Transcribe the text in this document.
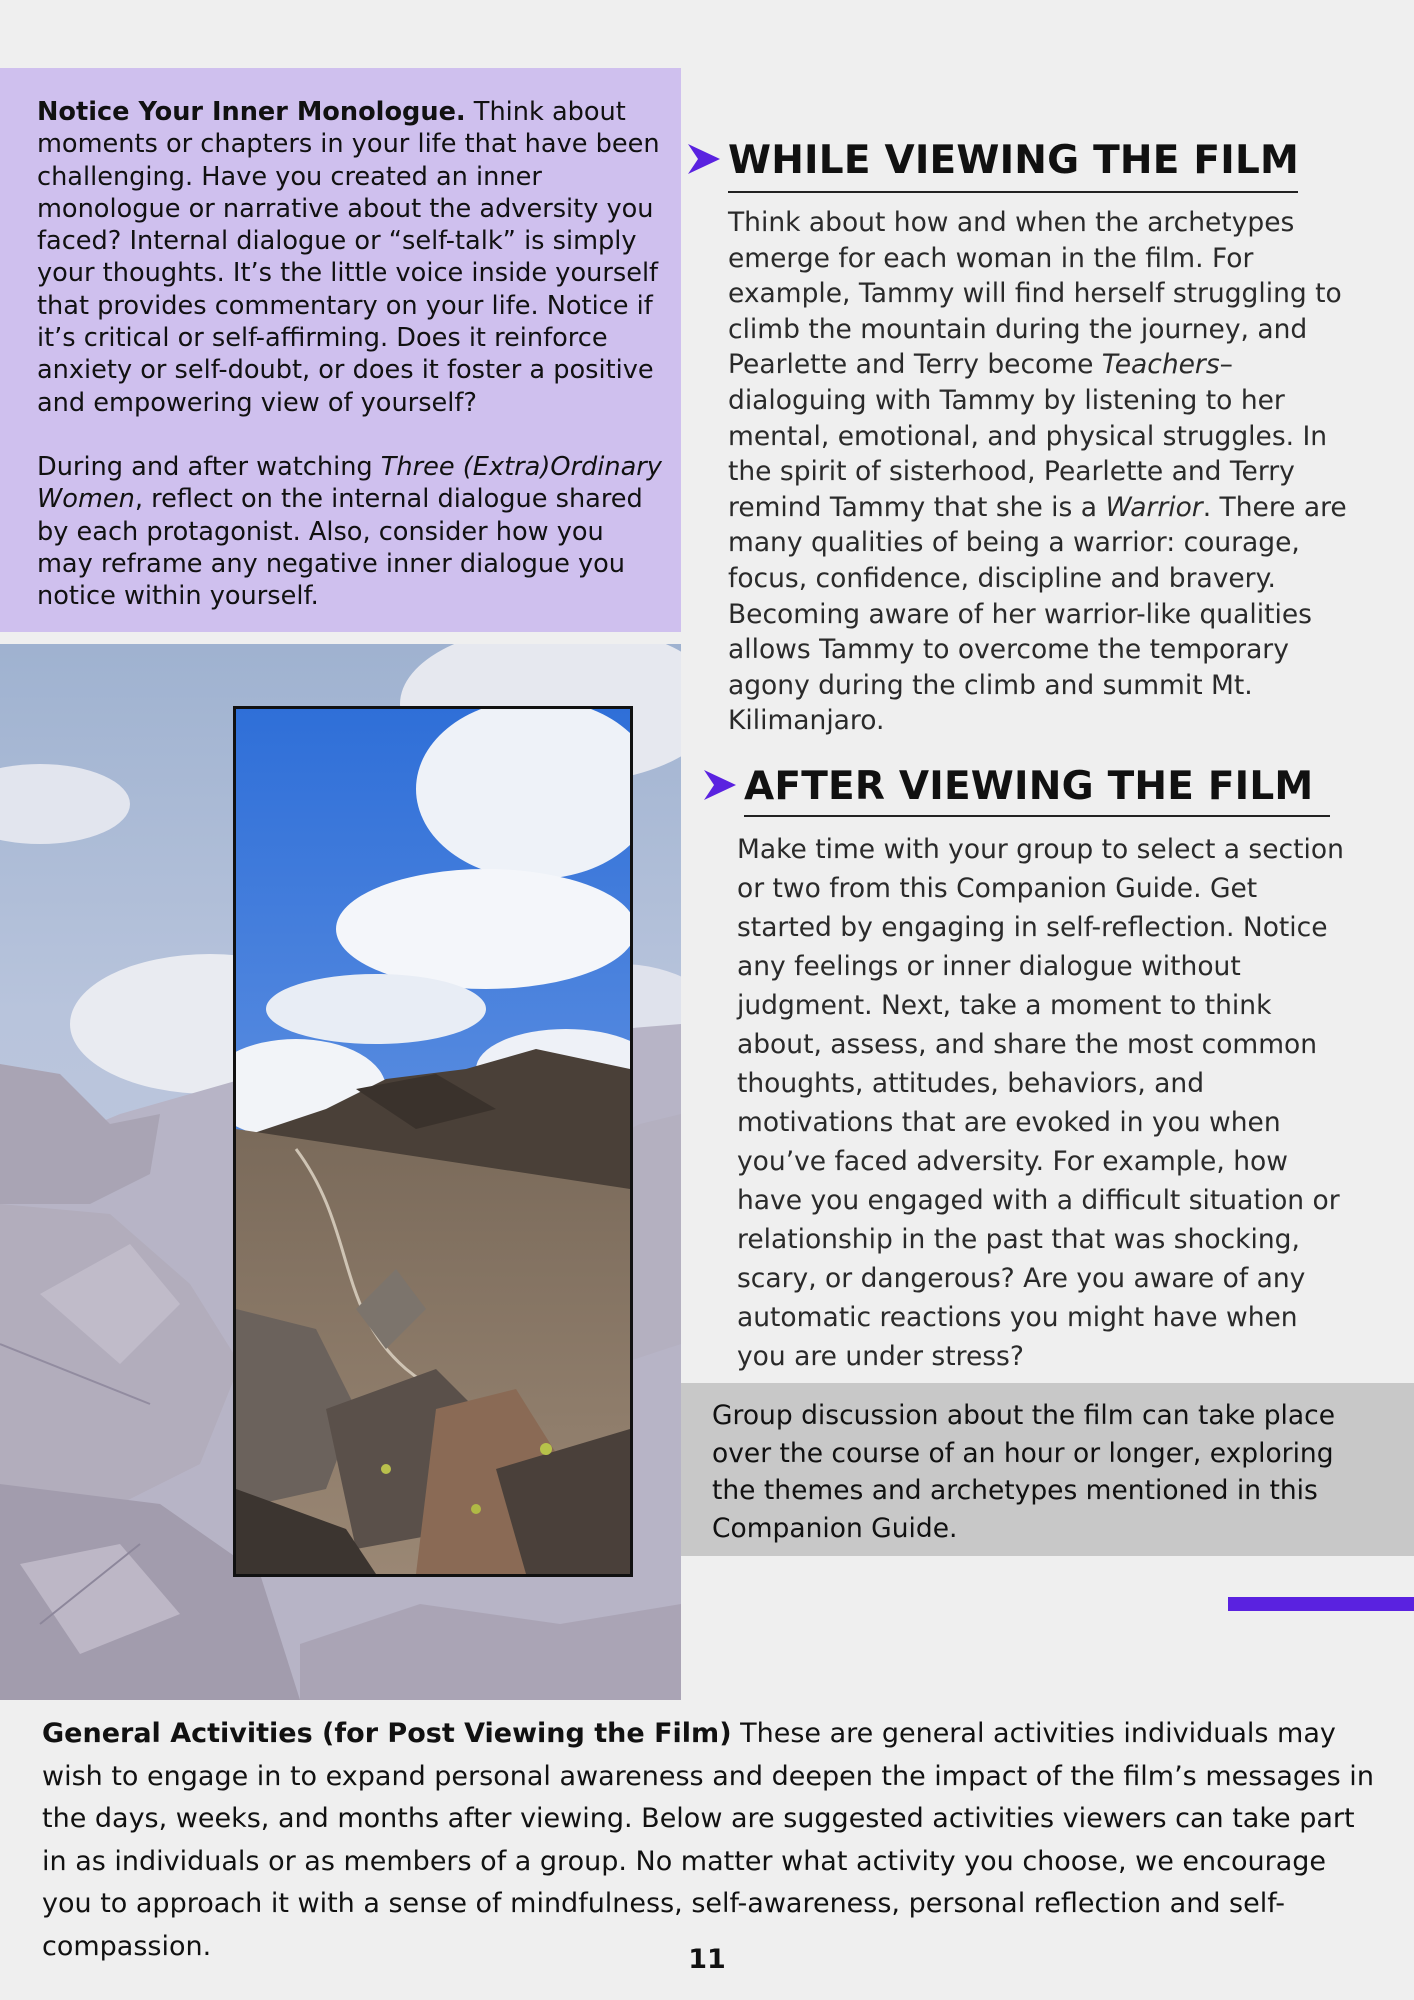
Notice Your Inner Monologue. Think about moments or chapters in your life that have been challenging. Have you created an inner monologue or narrative about the adversity you faced? Internal dialogue or “self-talk” is simply your thoughts. It’s the little voice inside yourself that provides commentary on your life. Notice if it’s critical or self-affirming. Does it reinforce anxiety or self-doubt, or does it foster a positive and empowering view of yourself?

During and after watching Three (Extra)Ordinary Women, reflect on the internal dialogue shared by each protagonist. Also, consider how you may reframe any negative inner dialogue you notice within yourself.

WHILE VIEWING THE FILM

Think about how and when the archetypes emerge for each woman in the film. For example, Tammy will find herself struggling to climb the mountain during the journey, and Pearlette and Terry become Teachers– dialoguing with Tammy by listening to her mental, emotional, and physical struggles. In the spirit of sisterhood, Pearlette and Terry remind Tammy that she is a Warrior. There are many qualities of being a warrior: courage, focus, confidence, discipline and bravery. Becoming aware of her warrior-like qualities allows Tammy to overcome the temporary agony during the climb and summit Mt. Kilimanjaro.

AFTER VIEWING THE FILM

Make time with your group to select a section or two from this Companion Guide. Get started by engaging in self-reflection. Notice any feelings or inner dialogue without judgment. Next, take a moment to think about, assess, and share the most common thoughts, attitudes, behaviors, and motivations that are evoked in you when you’ve faced adversity. For example, how have you engaged with a difficult situation or relationship in the past that was shocking, scary, or dangerous? Are you aware of any automatic reactions you might have when you are under stress?

Group discussion about the film can take place over the course of an hour or longer, exploring the themes and archetypes mentioned in this Companion Guide.
General Activities (for Post Viewing the Film) These are general activities individuals may wish to engage in to expand personal awareness and deepen the impact of the film’s messages in the days, weeks, and months after viewing. Below are suggested activities viewers can take part in as individuals or as members of a group. No matter what activity you choose, we encourage you to approach it with a sense of mindfulness, self-awareness, personal reflection and self-compassion.	11
